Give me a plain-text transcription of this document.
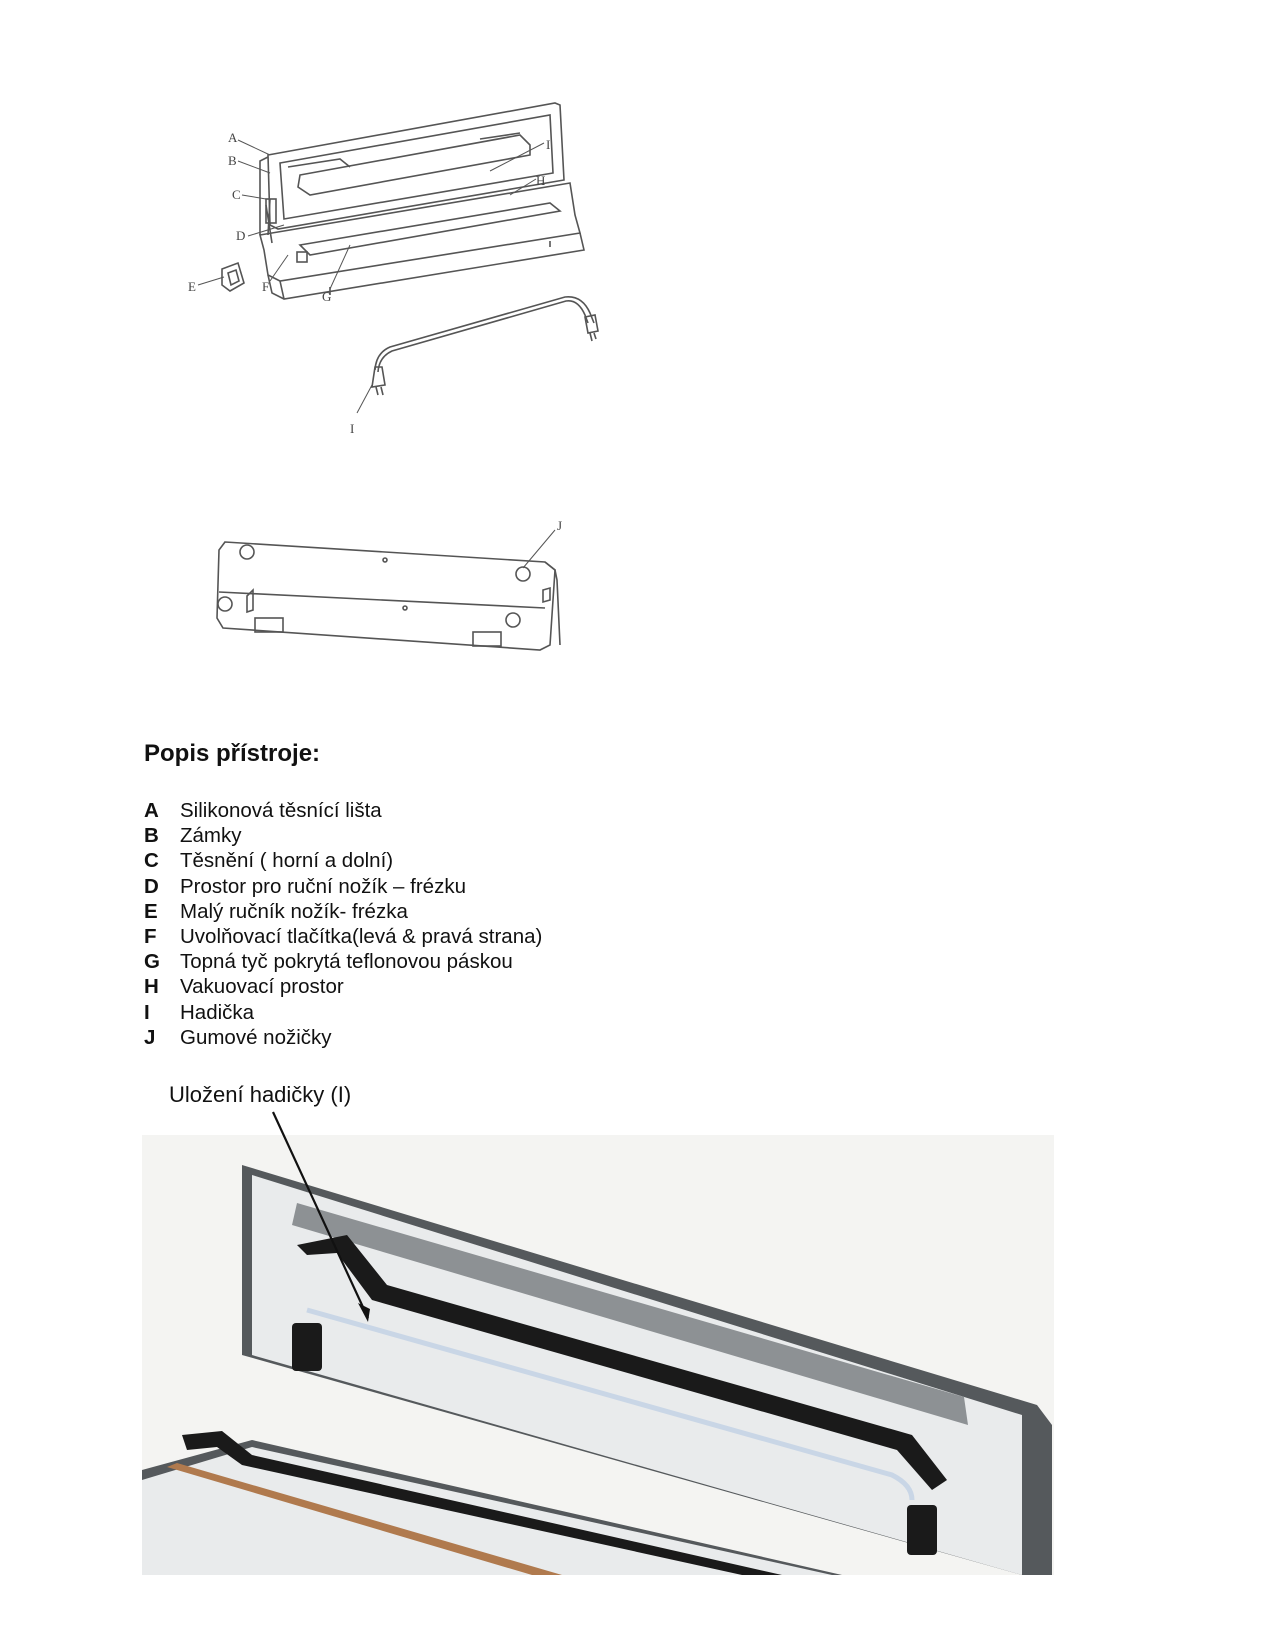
A
B
C
D
E	F
G
H
I
I
J
Popis přístroje:
A	Silikonová těsnící lišta
B	Zámky
C	Těsnění ( horní a dolní)
D	Prostor pro ruční nožík – frézku
E	Malý ručník nožík- frézka
F	Uvolňovací tlačítka(levá & pravá strana)
G Topná tyč pokrytá teflonovou páskou
H	Vakuovací prostor
I	Hadička
J	Gumové nožičky

Uložení hadičky (I)
